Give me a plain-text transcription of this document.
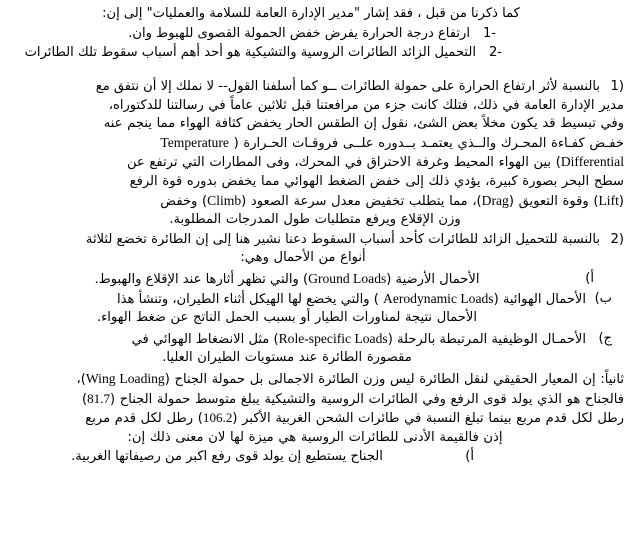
كما ذكرنا من قبل ، فقد إشار "مدير الإدارة العامة للسلامة والعمليات" إلى إن:
1-
ارتفاع درجة الحرارة يفرض خفض الحمولة القصوى للهبوط وان.
2-
التحميل الزائد الطائرات الروسية والتشيكية هو أحد أهم أسباب سقوط تلك الطائرات
1)
بالنسبة لأثر ارتفاع الحرارة على حمولة الطائرات ــو كما أسلفنا القول-- لا نملك إلا أن نتفق مع
مدير الإدارة العامة في ذلك، فتلك كانت جزء من مرافعتنا قبل ثلاثين عاماً في رسالتنا للدكتوراه،
وفي تبسيط قد يكون مخلاً بعض الشئ، نقول إن الطقس الحار يخفض كثافة الهواء مما ينجم عنه
خفـض كفـاءة المحـرك والــذي يعتمـد بــدوره علــى فروقـات الحـرارة ( Temperature
Differential) بين الهواء المحيط وغرفة الاحتراق في المحرك، وفى المطارات التي ترتفع عن
سطح البحر بصورة كبيرة، يؤدي ذلك إلى خفض الضغط الهوائي مما يخفض بدوره قوة الرفع
(Lift) وقوة التعويق (Drag)، مما يتطلب تخفيض معدل سرعة الصعود (Climb) وخفض
وزن الإقلاع ويرفع متطلبات طول المدرجات المطلوبة.
2)
بالنسبة للتحميل الزائد للطائرات كأحد أسباب السقوط دعنا نشير هنا إلى إن الطائرة تخضع لثلاثة
أنواع من الأحمال وهي:
أ)
الأحمال الأرضية (Ground Loads) والتي تظهر أثارها عند الإقلاع والهبوط.
ب)
الأحمال الهوائية (Aerodynamic Loads ) والتي يخضع لها الهيكل أثناء الطيران، وتنشأ هذا
الأحمال نتيجة لمناورات الطيار أو بسبب الحمل الناتج عن ضغط الهواء.
ج)
الأحمـال الوظيفية المرتبطة بالرحلة (Role-specific Loads) مثل الانضغاط الهوائي في
مقصورة الطائرة عند مستويات الطيران العليا.
ثانياً: إن المعيار الحقيقي لنقل الطائرة ليس وزن الطائرة الاجمالى بل حمولة الجناح (Wing Loading)،
فالجناح هو الذي يولد قوى الرفع وفي الطائرات الروسية والتشيكية يبلغ متوسط حمولة الجناح (81.7)
رطل لكل قدم مربع بينما تبلغ النسبة في طائرات الشحن الغربية الأكبر (106.2) رطل لكل قدم مربع
إذن فالقيمة الأدنى للطائرات الروسية هي ميزة لها لان معنى ذلك إن:
أ)
الجناح يستطيع إن يولد قوى رفع اكبر من رصيفاتها الغربية.
